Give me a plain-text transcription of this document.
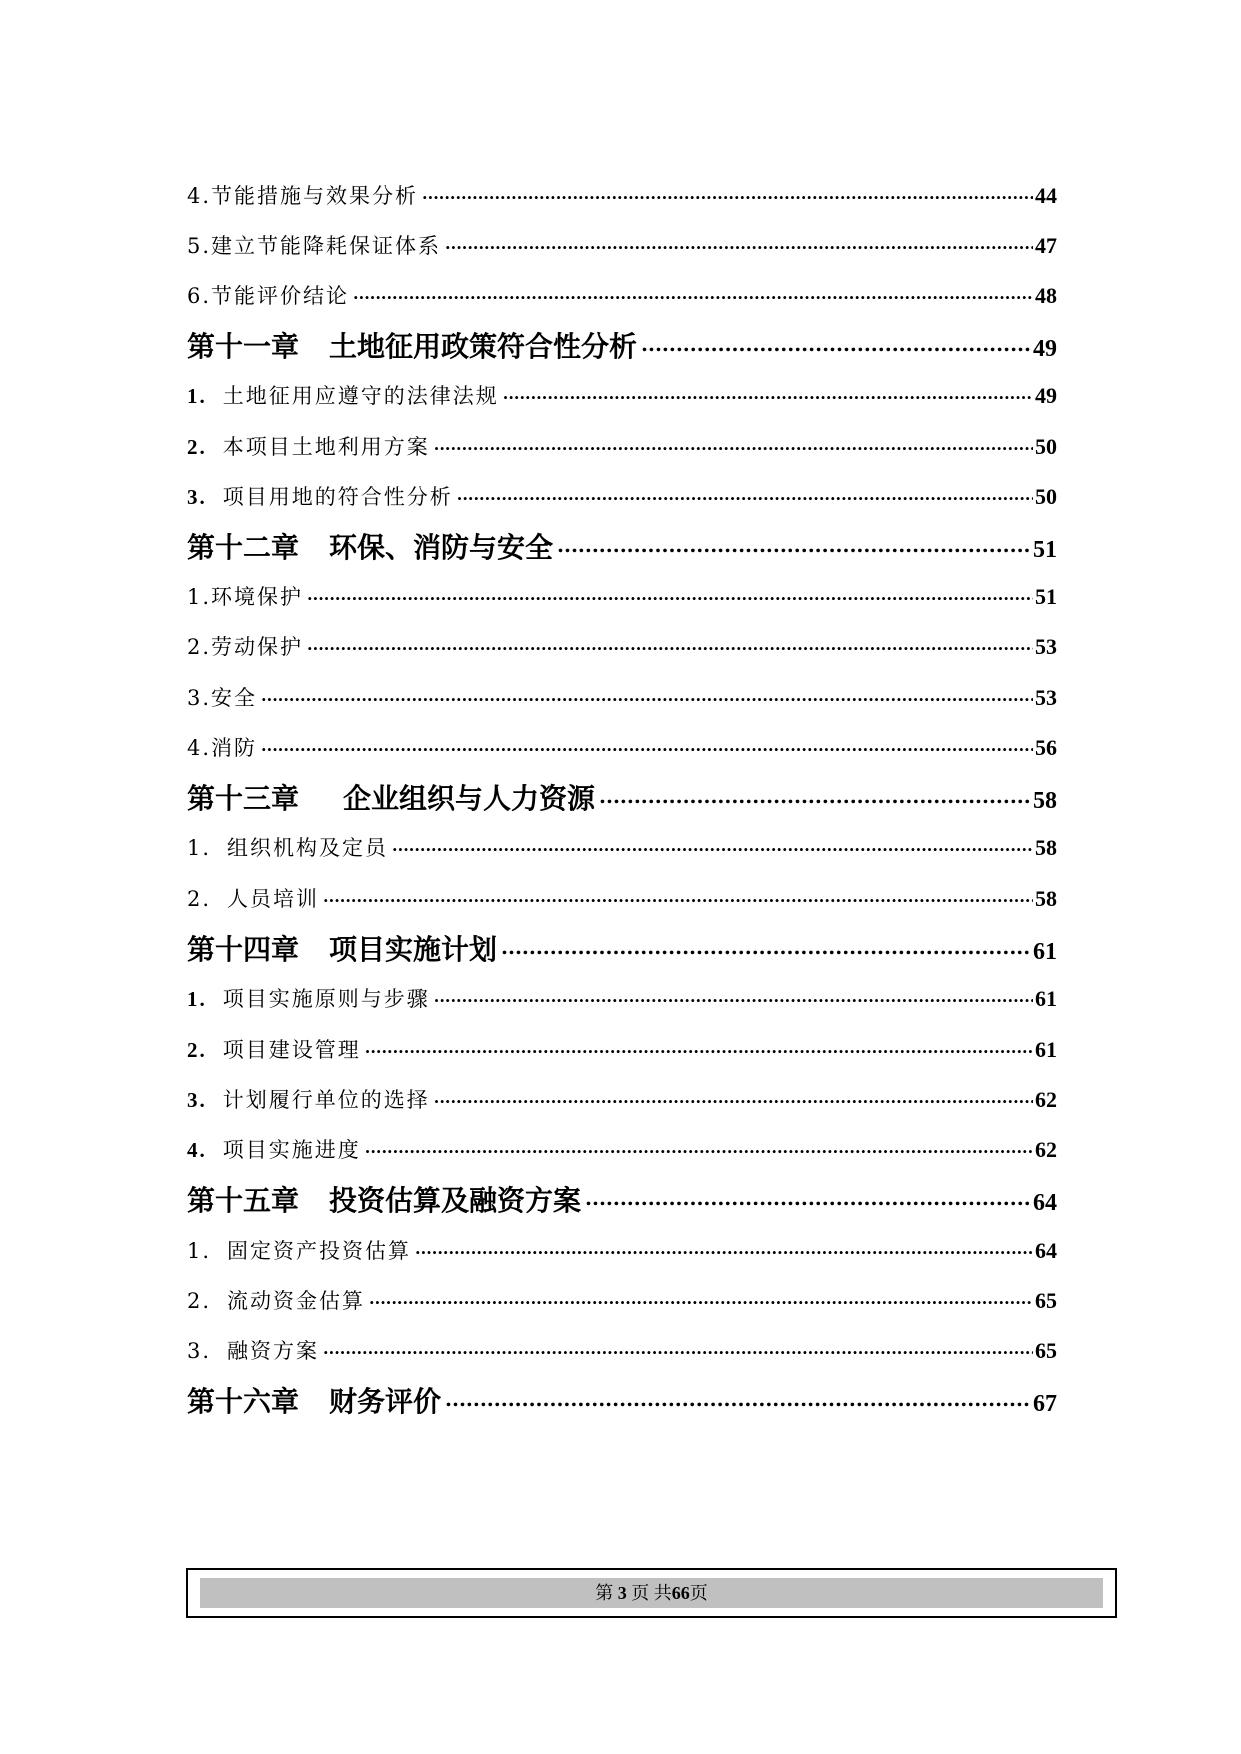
4.节能措施与效果分析 .....	44
5.建立节能降耗保证体系 .....	47
6.节能评价结论 .....	48
第十一章 土地征用政策符合性分析 .....	49
1. 土地征用应遵守的法律法规 .....	49
2. 本项目土地利用方案 .....	50
3. 项目用地的符合性分析 .....	50
第十二章 环保、消防与安全 .....	51
1.环境保护 .....	51
2.劳动保护 .....	53
3.安全 .....	53
4.消防 .....	56
第十三章 企业组织与人力资源 .....	58
1. 组织机构及定员 .....	58
2. 人员培训 .....	58
第十四章 项目实施计划 .....	61
1. 项目实施原则与步骤 .....	61
2. 项目建设管理 .....	61
3. 计划履行单位的选择 .....	62
4. 项目实施进度 .....	62
第十五章 投资估算及融资方案 .....	64
1. 固定资产投资估算 .....	64
2. 流动资金估算 .....	65
3. 融资方案 .....	65
第十六章 财务评价 .....	67
第 3 页 共66页
